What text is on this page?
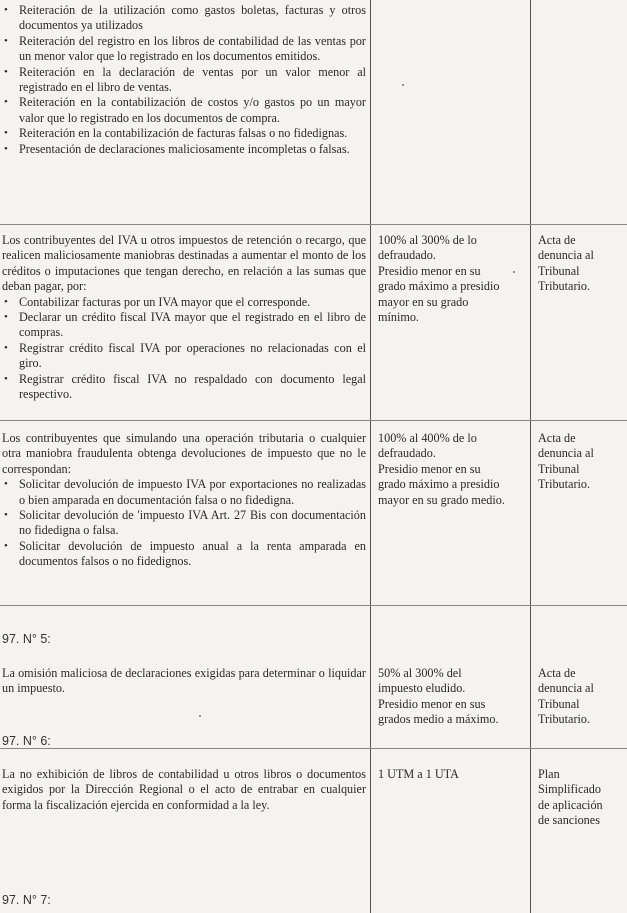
• Reiteración de la utilización como gastos boletas, facturas y otros documentos ya utilizados
• Reiteración del registro en los libros de contabilidad de las ventas por un menor valor que lo registrado en los documentos emitidos.
• Reiteración en la declaración de ventas por un valor menor al registrado en el libro de ventas.
• Reiteración en la contabilización de costos y/o gastos po un mayor valor que lo registrado en los documentos de compra.
• Reiteración en la contabilización de facturas falsas o no fidedignas.
• Presentación de declaraciones maliciosamente incompletas o falsas.
Los contribuyentes del IVA u otros impuestos de retención o recargo, que realicen maliciosamente maniobras destinadas a aumentar el monto de los créditos o imputaciones que tengan derecho, en relación a las sumas que deban pagar, por:
• Contabilizar facturas por un IVA mayor que el corresponde.
• Declarar un crédito fiscal IVA mayor que el registrado en el libro de compras.
• Registrar crédito fiscal IVA por operaciones no relacionadas con el giro.
• Registrar crédito fiscal IVA no respaldado con documento legal respectivo.
100% al 300% de lo
defraudado.
Presidio menor en su
grado máximo a presidio
mayor en su grado
mínimo.
Acta de
denuncia al
Tribunal
Tributario.
Los contribuyentes que simulando una operación tributaria o cualquier otra maniobra fraudulenta obtenga devoluciones de impuesto que no le correspondan:
• Solicitar devolución de impuesto IVA por exportaciones no realizadas o bien amparada en documentación falsa o no fidedigna.
• Solicitar devolución de 'impuesto IVA Art. 27 Bis con documentación no fidedigna o falsa.
• Solicitar devolución de impuesto anual a la renta amparada en documentos falsos o no fidedignos.
100% al 400% de lo
defraudado.
Presidio menor en su
grado máximo a presidio
mayor en su grado medio.
Acta de
denuncia al
Tribunal
Tributario.
97. N° 5:
La omisión maliciosa de declaraciones exigidas para determinar o liquidar un impuesto.
50% al 300% del
impuesto eludido.
Presidio menor en sus
grados medio a máximo.
Acta de
denuncia al
Tribunal
Tributario.
97. N° 6:
La no exhibición de libros de contabilidad u otros libros o documentos exigidos por la Dirección Regional o el acto de entrabar en cualquier forma la fiscalización ejercida en conformidad a la ley.
1 UTM a 1 UTA	Plan
Simplificado
de aplicación
de sanciones
97. N° 7:
